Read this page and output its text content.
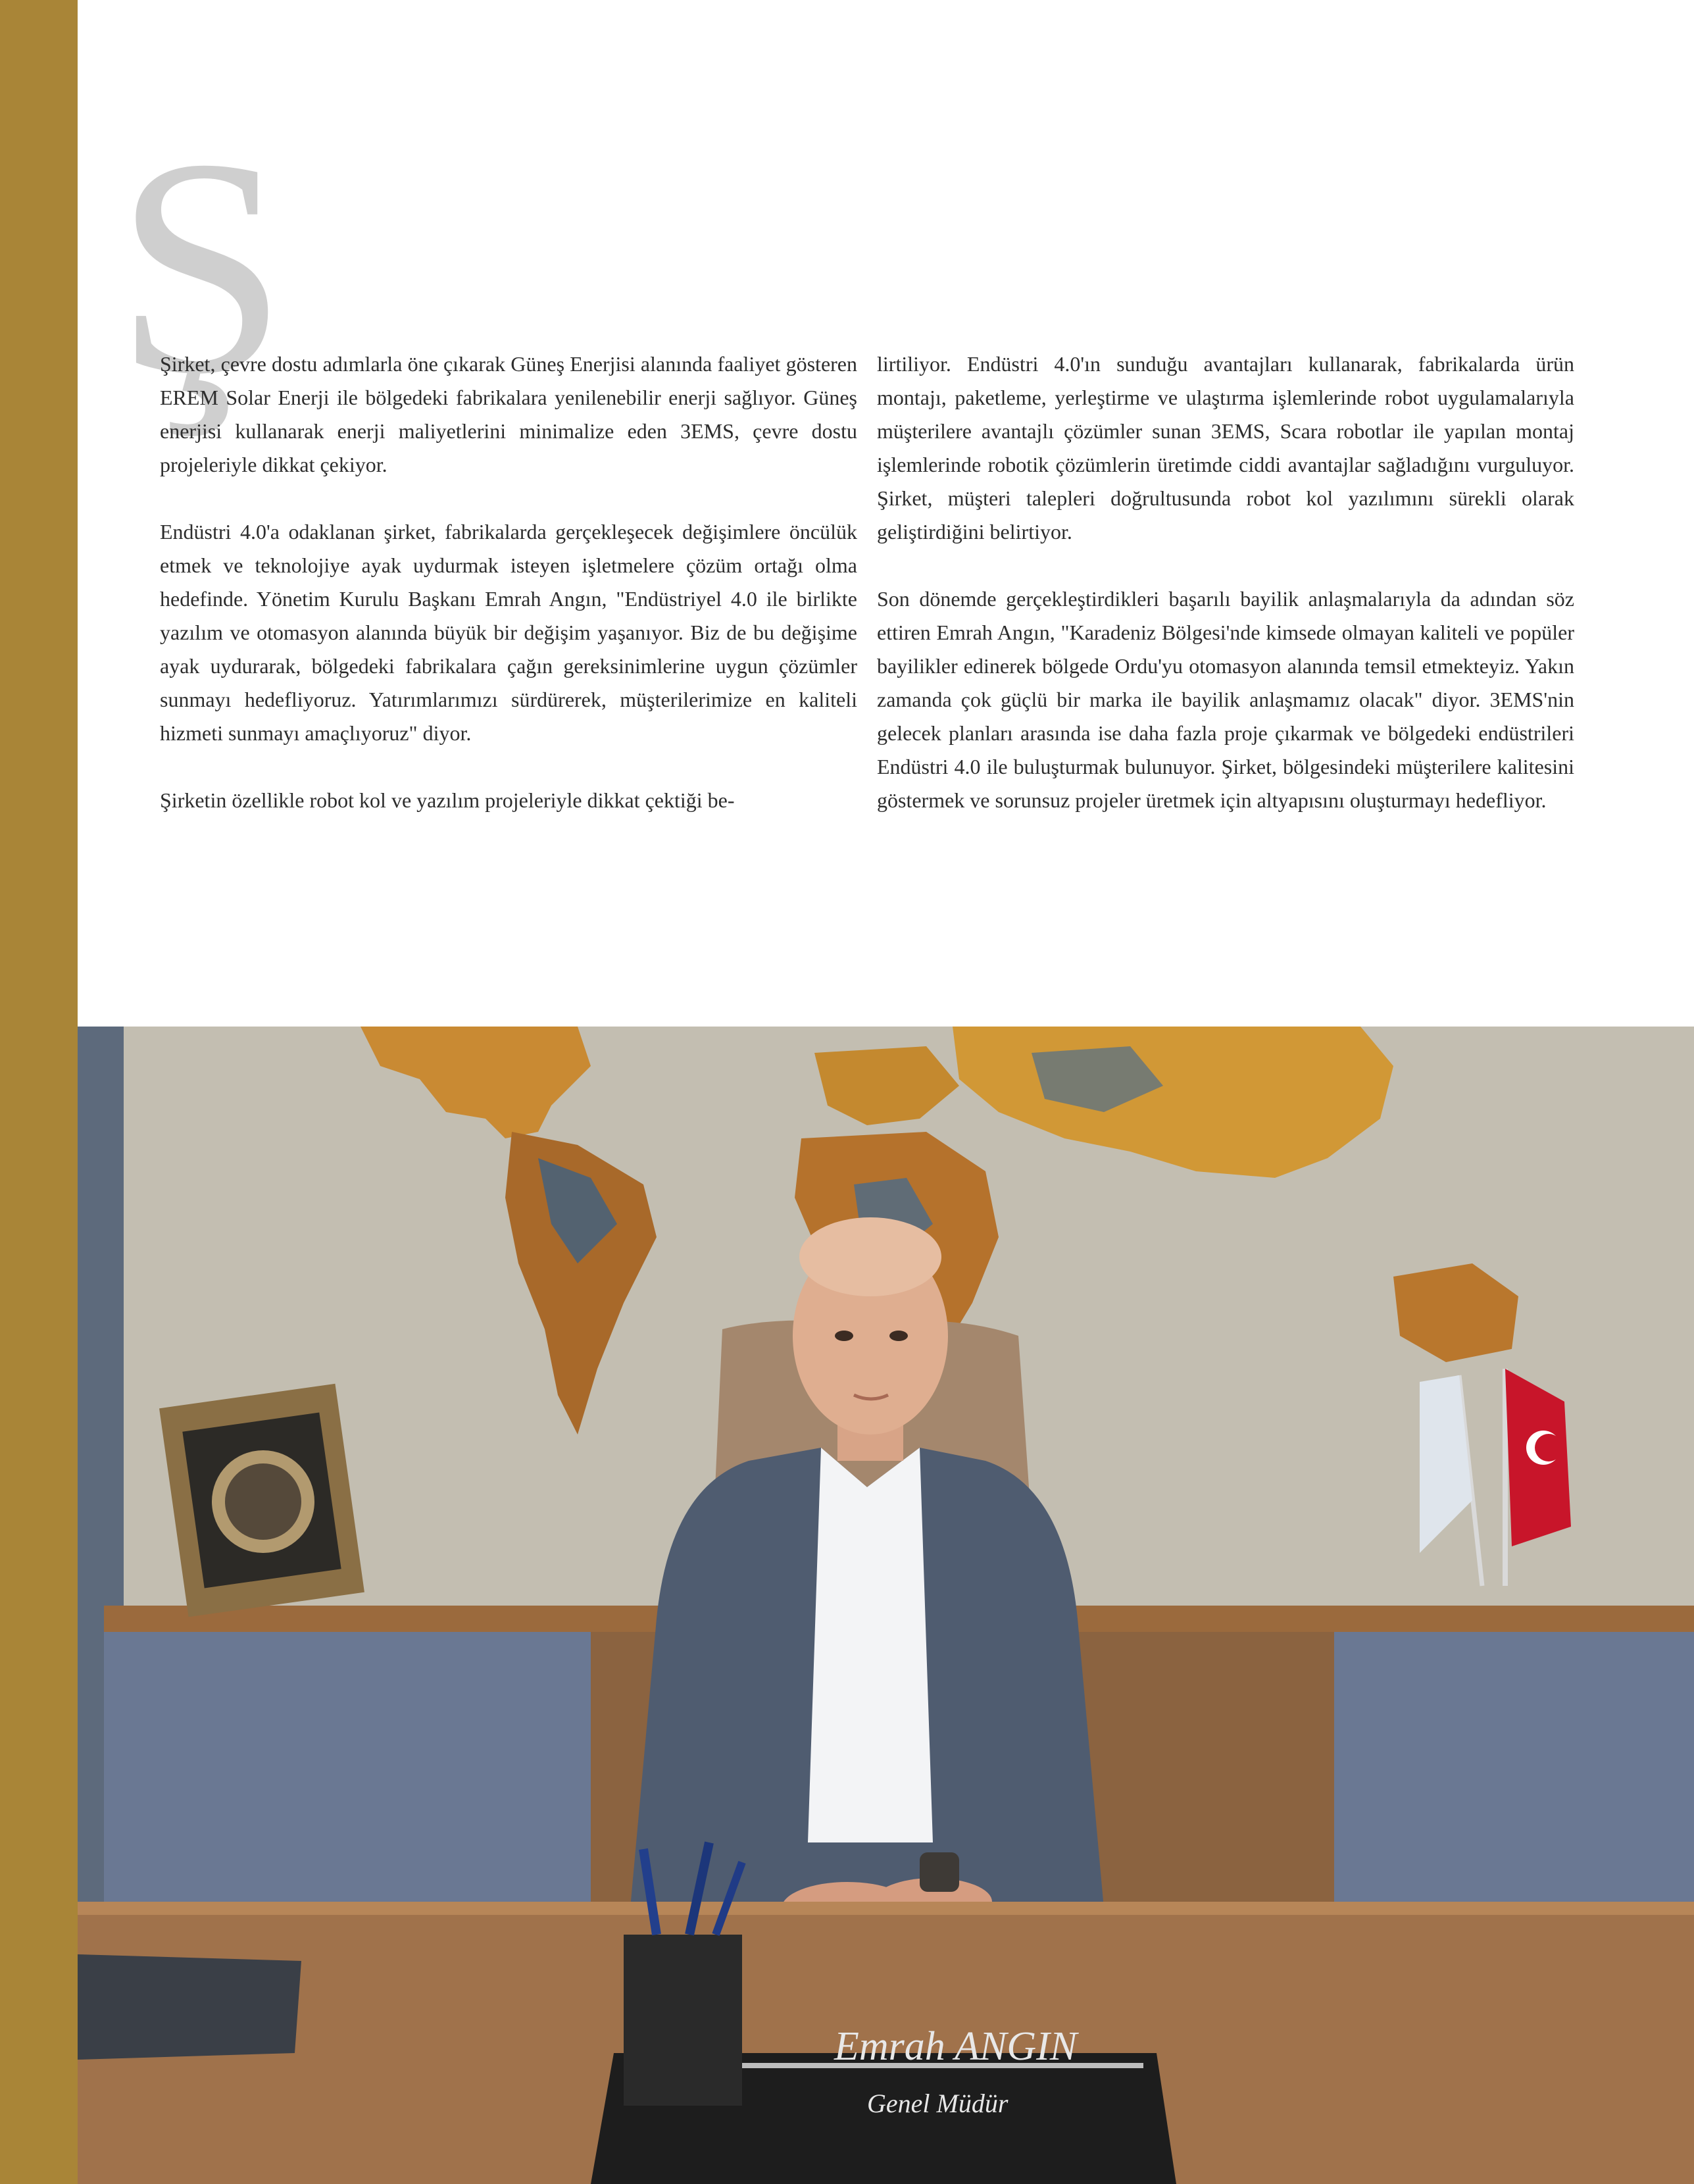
Ş

Şirket, çevre dostu adımlarla öne çıkarak Güneş Enerjisi alanında faaliyet gösteren EREM Solar Enerji ile bölgedeki fabrikalara yenilenebilir enerji sağlıyor. Güneş enerjisi kullanarak enerji maliyetlerini minimalize eden 3EMS, çevre dostu projeleriyle dikkat çekiyor.

Endüstri 4.0'a odaklanan şirket, fabrikalarda gerçekleşecek değişimlere öncülük etmek ve teknolojiye ayak uydurmak isteyen işletmelere çözüm ortağı olma hedefinde. Yönetim Kurulu Başkanı Emrah Angın, "Endüstriyel 4.0 ile birlikte yazılım ve otomasyon alanında büyük bir değişim yaşanıyor. Biz de bu değişime ayak uydurarak, bölgedeki fabrikalara çağın gereksinimlerine uygun çözümler sunmayı hedefliyoruz. Yatırımlarımızı sürdürerek, müşterilerimize en kaliteli hizmeti sunmayı amaçlıyoruz" diyor.

Şirketin özellikle robot kol ve yazılım projeleriyle dikkat çektiği be-

lirtiliyor. Endüstri 4.0'ın sunduğu avantajları kullanarak, fabrikalarda ürün montajı, paketleme, yerleştirme ve ulaştırma işlemlerinde robot uygulamalarıyla müşterilere avantajlı çözümler sunan 3EMS, Scara robotlar ile yapılan montaj işlemlerinde robotik çözümlerin üretimde ciddi avantajlar sağladığını vurguluyor. Şirket, müşteri talepleri doğrultusunda robot kol yazılımını sürekli olarak geliştirdiğini belirtiyor.

Son dönemde gerçekleştirdikleri başarılı bayilik anlaşmalarıyla da adından söz ettiren Emrah Angın, "Karadeniz Bölgesi'nde kimsede olmayan kaliteli ve popüler bayilikler edinerek bölgede Ordu'yu otomasyon alanında temsil etmekteyiz. Yakın zamanda çok güçlü bir marka ile bayilik anlaşmamız olacak" diyor. 3EMS'nin gelecek planları arasında ise daha fazla proje çıkarmak ve bölgedeki endüstrileri Endüstri 4.0 ile buluşturmak bulunuyor. Şirket, bölgesindeki müşterilere kalitesini göstermek ve sorunsuz projeler üretmek için altyapısını oluşturmayı hedefliyor.

Emrah ANGIN
Genel Müdür
